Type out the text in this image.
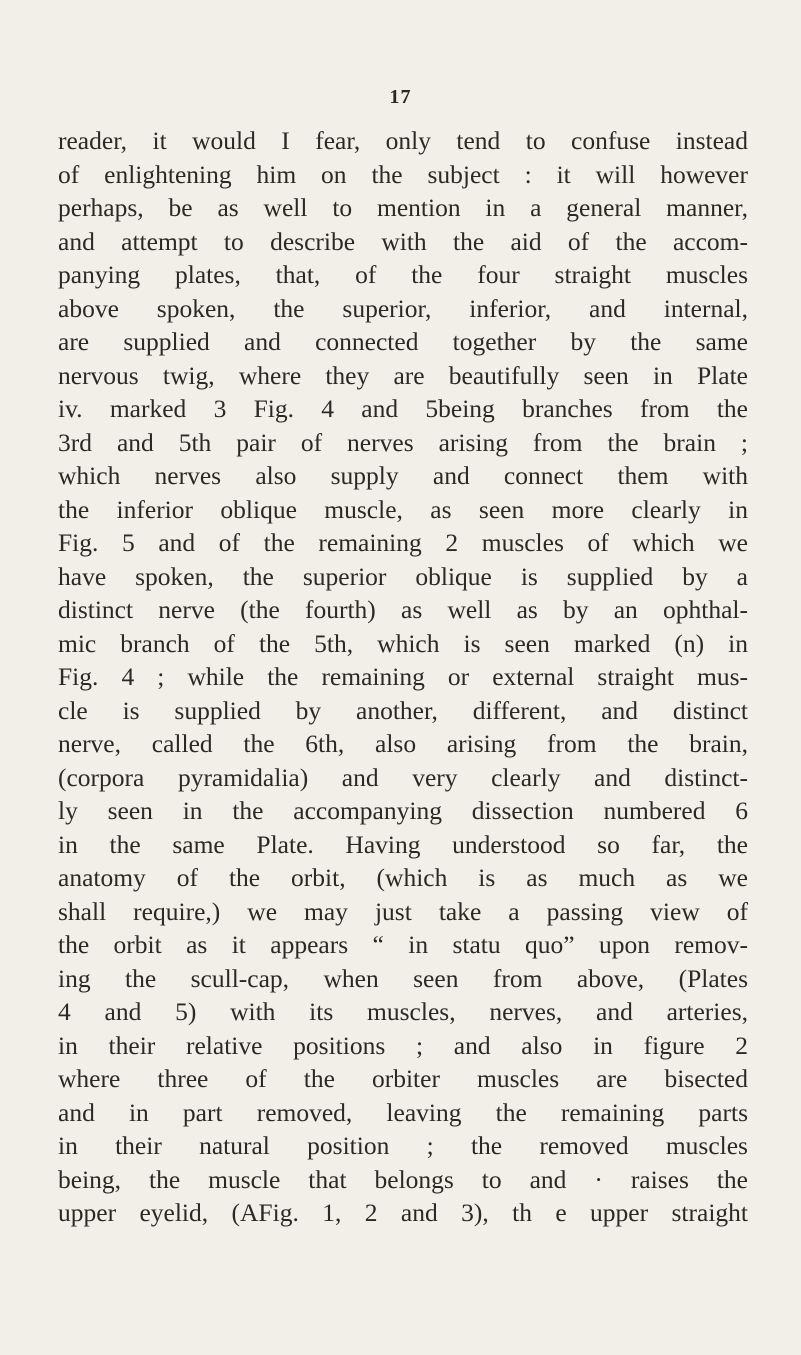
17
reader, it would I fear, only tend to confuse instead
of enlightening him on the subject : it will however
perhaps, be as well to mention in a general manner,
and attempt to describe with the aid of the accom-
panying plates, that, of the four straight muscles
above spoken, the superior, inferior, and internal,
are supplied and connected together by the same
nervous twig, where they are beautifully seen in Plate
iv. marked 3 Fig. 4 and 5being branches from the
3rd and 5th pair of nerves arising from the brain ;
which nerves also supply and connect them with
the inferior oblique muscle, as seen more clearly in
Fig. 5 and of the remaining 2 muscles of which we
have spoken, the superior oblique is supplied by a
distinct nerve (the fourth) as well as by an ophthal-
mic branch of the 5th, which is seen marked (n) in
Fig. 4 ; while the remaining or external straight mus-
cle is supplied by another, different, and distinct
nerve, called the 6th, also arising from the brain,
(corpora pyramidalia) and very clearly and distinct-
ly seen in the accompanying dissection numbered 6
in the same Plate. Having understood so far, the
anatomy of the orbit, (which is as much as we
shall require,) we may just take a passing view of
the orbit as it appears “ in statu quo” upon remov-
ing the scull-cap, when seen from above, (Plates
4 and 5) with its muscles, nerves, and arteries,
in their relative positions ; and also in figure 2
where three of the orbiter muscles are bisected
and in part removed, leaving the remaining parts
in their natural position ; the removed muscles
being, the muscle that belongs to and · raises the
upper eyelid, (AFig. 1, 2 and 3), th e upper straight
